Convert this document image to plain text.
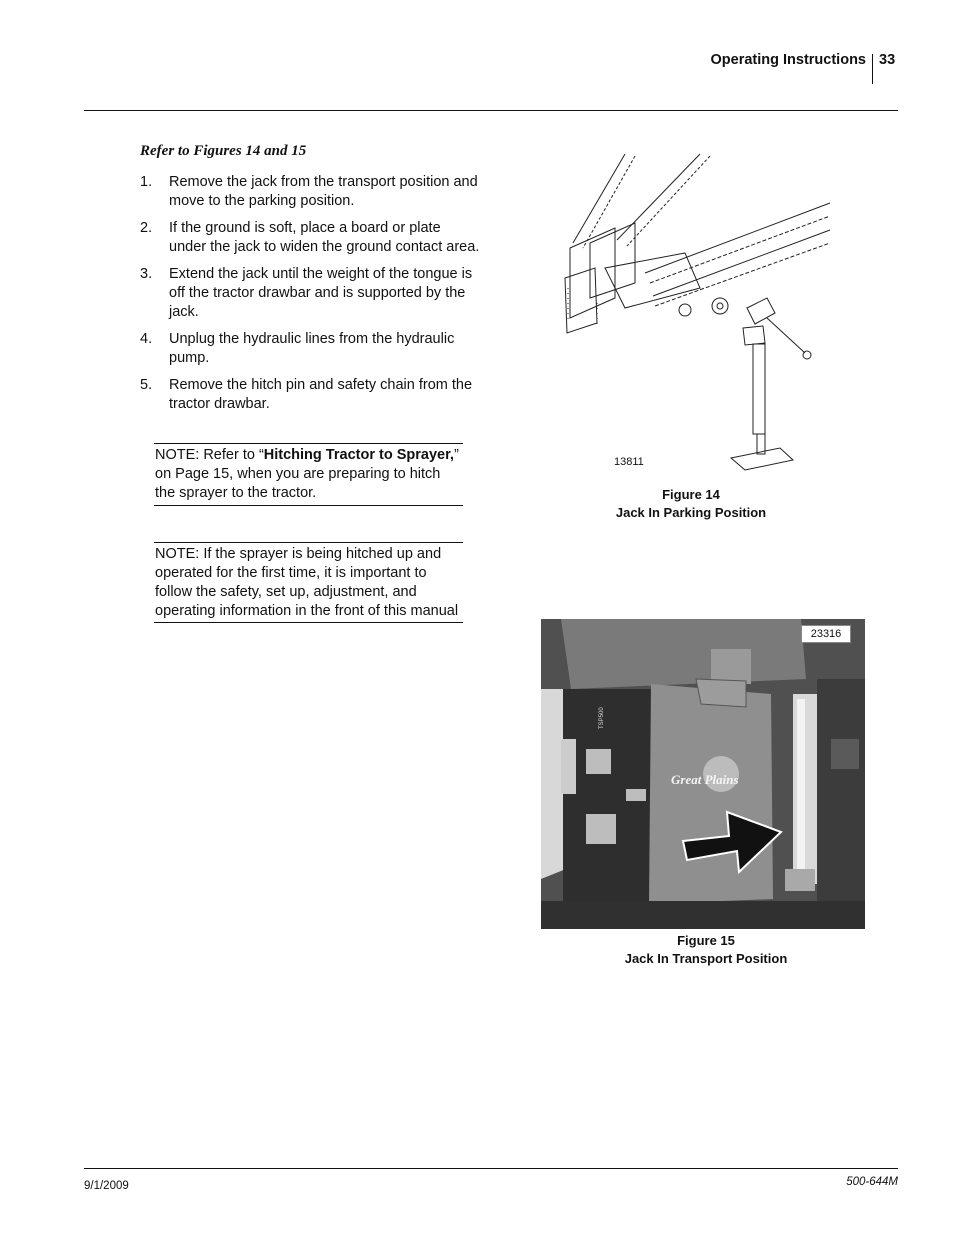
Operating Instructions 33
Refer to Figures 14 and 15
1.	Remove the jack from the transport position and move to the parking position.
2.	If the ground is soft, place a board or plate under the jack to widen the ground contact area.
3.	Extend the jack until the weight of the tongue is off the tractor drawbar and is supported by the jack.
4.	Unplug the hydraulic lines from the hydraulic pump.
5.	Remove the hitch pin and safety chain from the tractor drawbar.
NOTE: Refer to “Hitching Tractor to Sprayer,” on Page 15, when you are preparing to hitch the sprayer to the tractor.
NOTE: If the sprayer is being hitched up and operated for the first time, it is important to follow the safety, set up, adjustment, and operating information in the front of this manual
13811
Figure 14
Jack In Parking Position
TSP500
Great Plains
23316
Figure 15
Jack In Transport Position
9/1/2009	500-644M
